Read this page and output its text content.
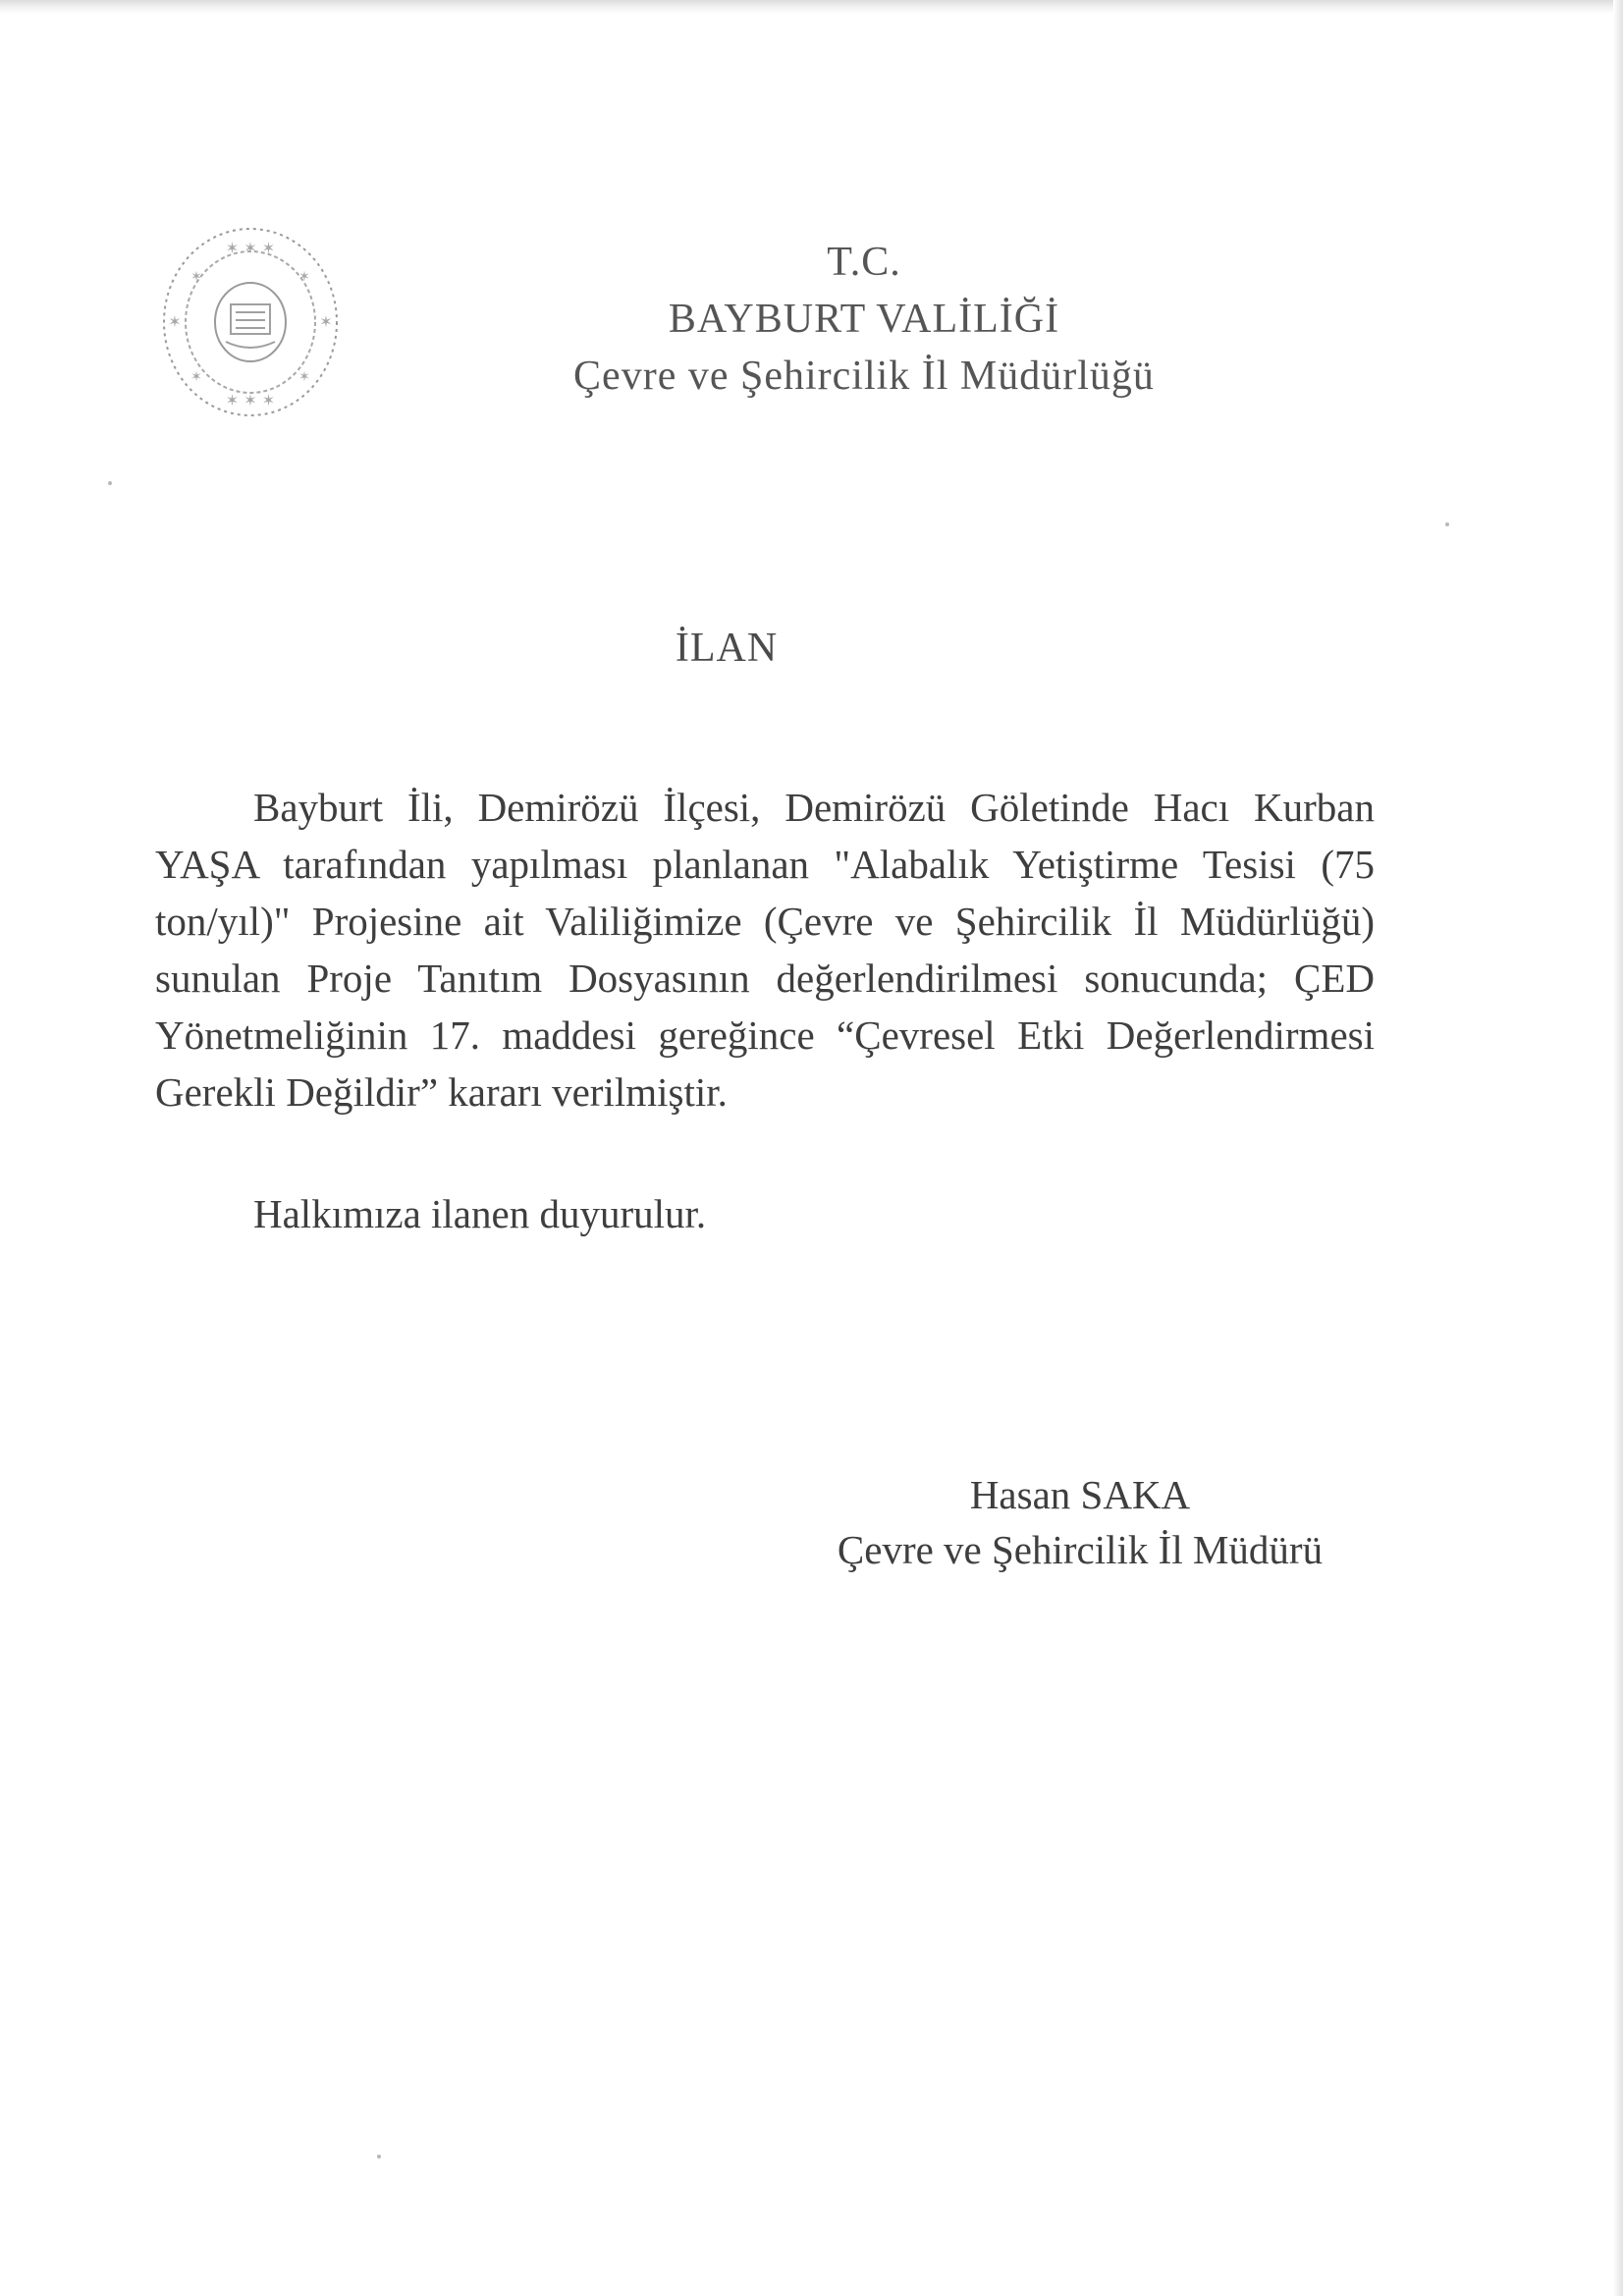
✶ ✶ ✶
✶ ✶ ✶
✶	✶
✶	✶
✶	✶
T.C.
BAYBURT VALİLİĞİ
Çevre ve Şehircilik İl Müdürlüğü
İLAN

Bayburt İli, Demirözü İlçesi, Demirözü Göletinde Hacı Kurban YAŞA tarafından yapılması planlanan "Alabalık Yetiştirme Tesisi (75 ton/yıl)" Projesine ait Valiliğimize (Çevre ve Şehircilik İl Müdürlüğü) sunulan Proje Tanıtım Dosyasının değerlendirilmesi sonucunda; ÇED Yönetmeliğinin 17. maddesi gereğince “Çevresel Etki Değerlendirmesi Gerekli Değildir” kararı verilmiştir.

Halkımıza ilanen duyurulur.
Hasan SAKA
Çevre ve Şehircilik İl Müdürü
